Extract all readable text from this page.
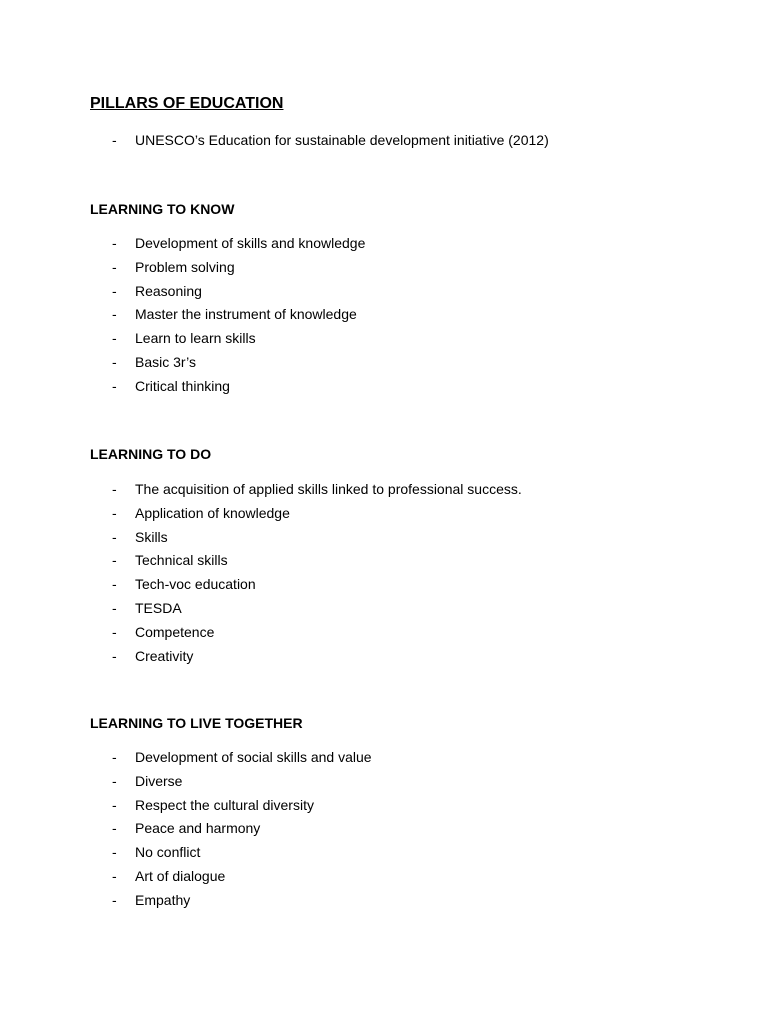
PILLARS OF EDUCATION
- UNESCO’s Education for sustainable development initiative (2012)
LEARNING TO KNOW
- Development of skills and knowledge
- Problem solving
- Reasoning
- Master the instrument of knowledge
- Learn to learn skills
- Basic 3r’s
- Critical thinking
LEARNING TO DO
- The acquisition of applied skills linked to professional success.
- Application of knowledge
- Skills
- Technical skills
- Tech-voc education
- TESDA
- Competence
- Creativity
LEARNING TO LIVE TOGETHER
- Development of social skills and value
- Diverse
- Respect the cultural diversity
- Peace and harmony
- No conflict
- Art of dialogue
- Empathy
